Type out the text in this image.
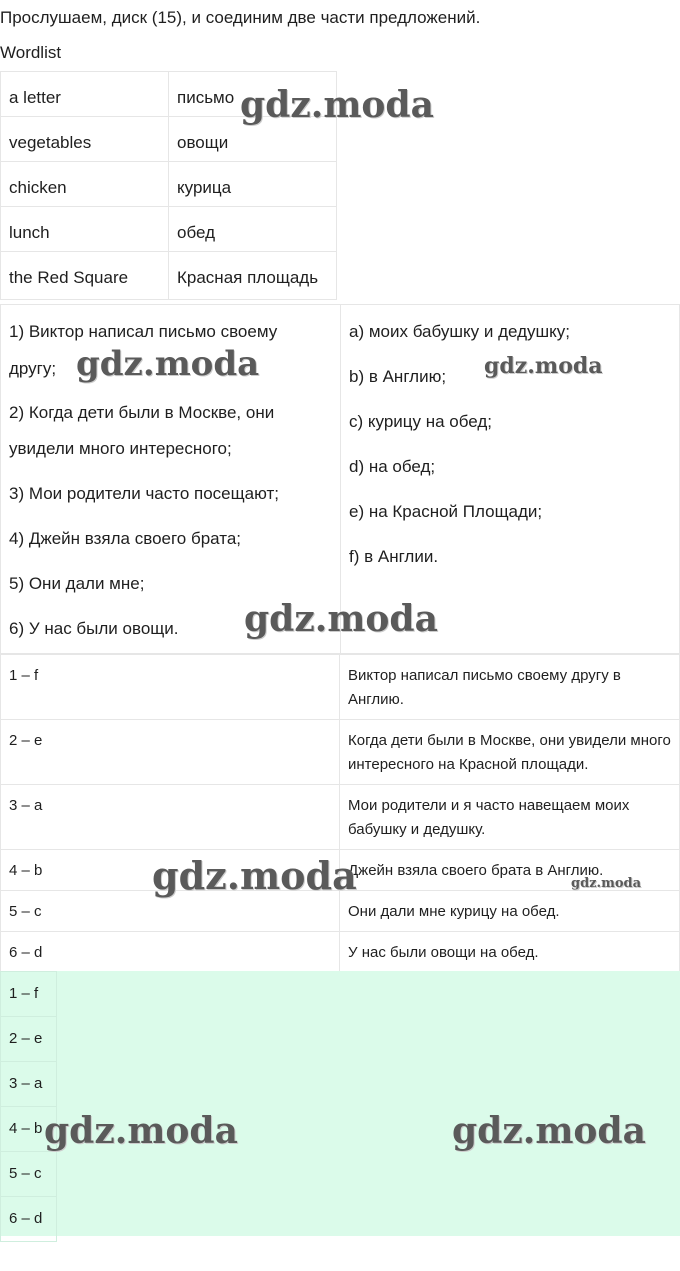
Прослушаем, диск (15), и соединим две части предложений.
Wordlist
a letter	письмо
vegetables	овощи
chicken	курица
lunch	обед
the Red Square	Красная площадь
1) Виктор написал письмо своему
другу;
2) Когда дети были в Москве, они
увидели много интересного;
3) Мои родители часто посещают;
4) Джейн взяла своего брата;
5) Они дали мне;
6) У нас были овощи.

a) моих бабушку и дедушку;
b) в Англию;
c) курицу на обед;
d) на обед;
e) на Красной Площади;
f) в Англии.
1 – f	Виктор написал письмо своему другу в Англию.
2 – e	Когда дети были в Москве, они увидели много интересного на Красной площади.
3 – a	Мои родители и я часто навещаем моих бабушку и дедушку.
4 – b	Джейн взяла своего брата в Англию.
5 – c	Они дали мне курицу на обед.
6 – d	У нас были овощи на обед.
1 – f
2 – e
3 – a
4 – b
5 – c
6 – d
gdz.moda
gdz.moda	gdz.moda
gdz.moda
gdz.moda	gdz.moda
gdz.moda	gdz.moda
